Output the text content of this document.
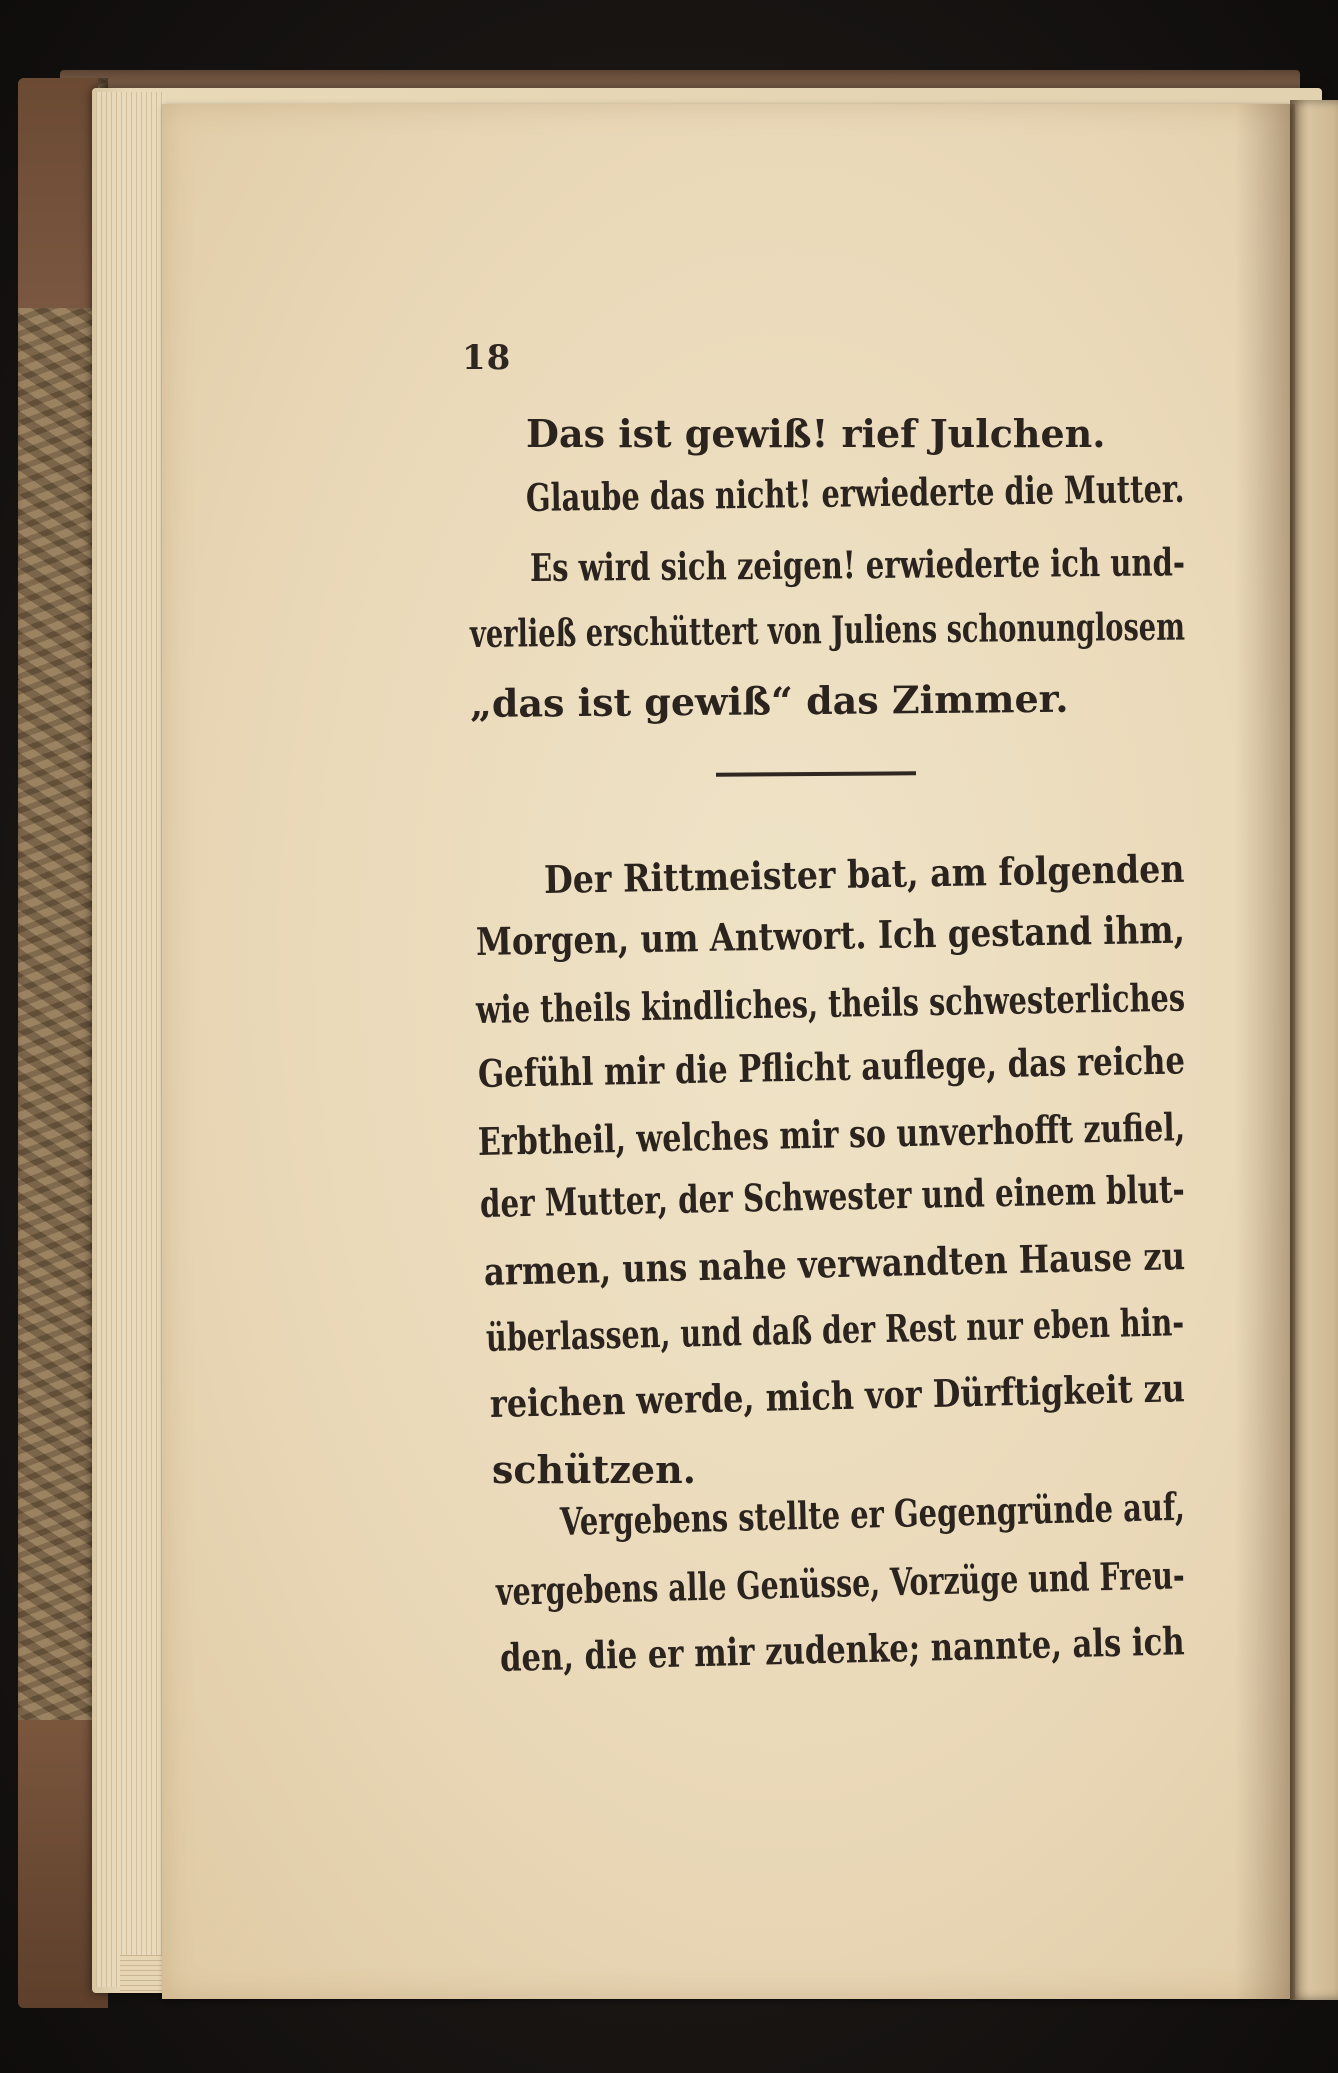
18
Das ist gewiß! rief Julchen.
Glaube das nicht! erwiederte die Mutter.
Es wird sich zeigen! erwiederte ich und-
verließ erschüttert von Juliens schonunglosem
„das ist gewiß“ das Zimmer.
Der Rittmeister bat, am folgenden
Morgen, um Antwort. Ich gestand ihm,
wie theils kindliches, theils schwesterliches
Gefühl mir die Pflicht auflege, das reiche
Erbtheil, welches mir so unverhofft zufiel,
der Mutter, der Schwester und einem blut-
armen, uns nahe verwandten Hause zu
überlassen, und daß der Rest nur eben hin-
reichen werde, mich vor Dürftigkeit zu
schützen.
Vergebens stellte er Gegengründe auf,
vergebens alle Genüsse, Vorzüge und Freu-
den, die er mir zudenke; nannte, als ich
